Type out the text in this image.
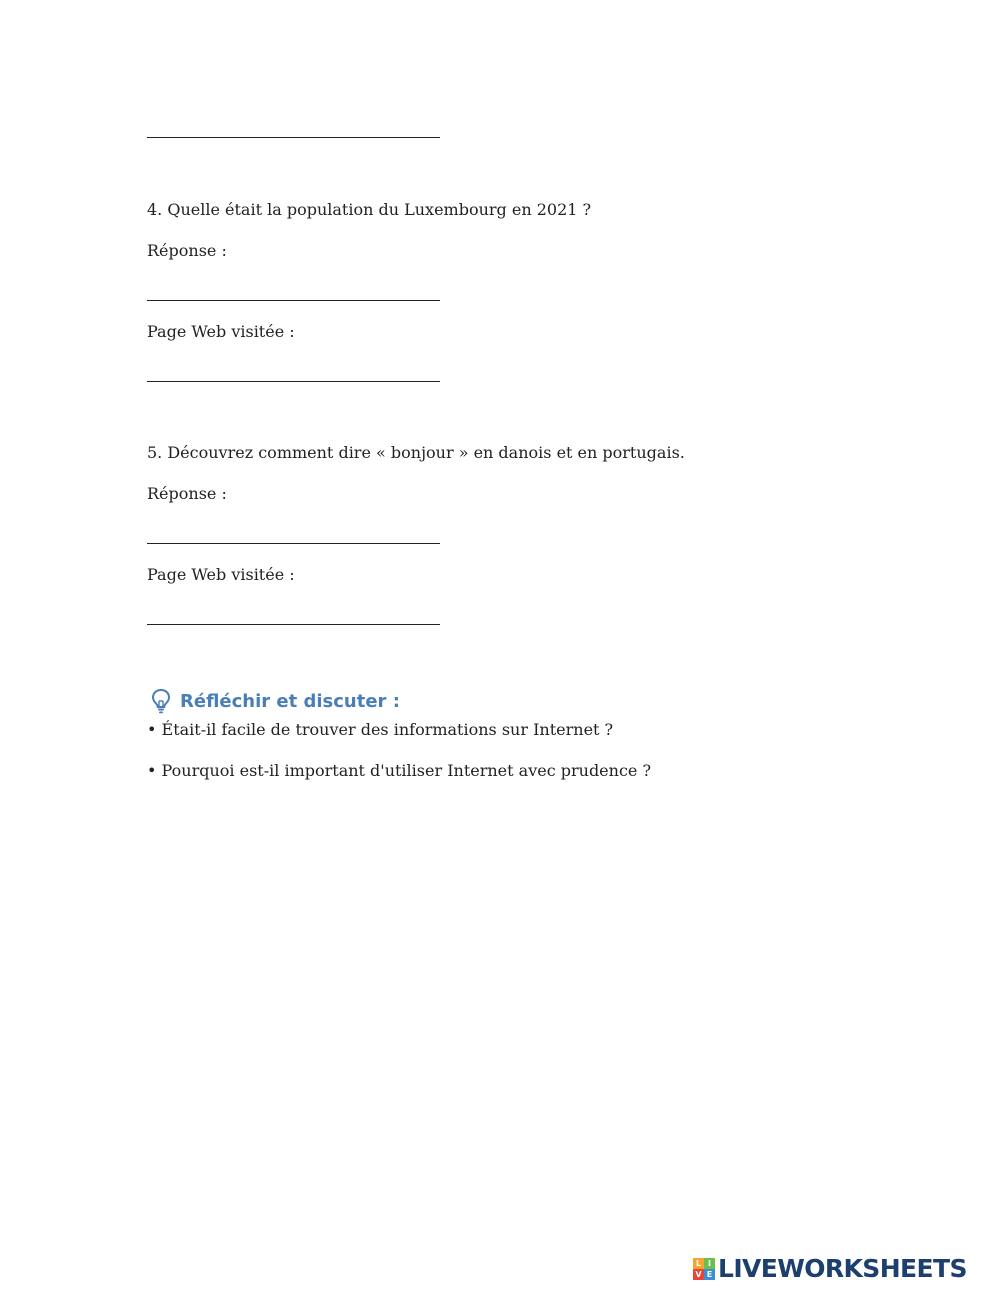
4. Quelle était la population du Luxembourg en 2021 ?
Réponse :
Page Web visitée :
5. Découvrez comment dire « bonjour » en danois et en portugais.
Réponse :
Page Web visitée :
Réfléchir et discuter :
• Était-il facile de trouver des informations sur Internet ?
• Pourquoi est-il important d'utiliser Internet avec prudence ?
L I
V E LIVEWORKSHEETS
